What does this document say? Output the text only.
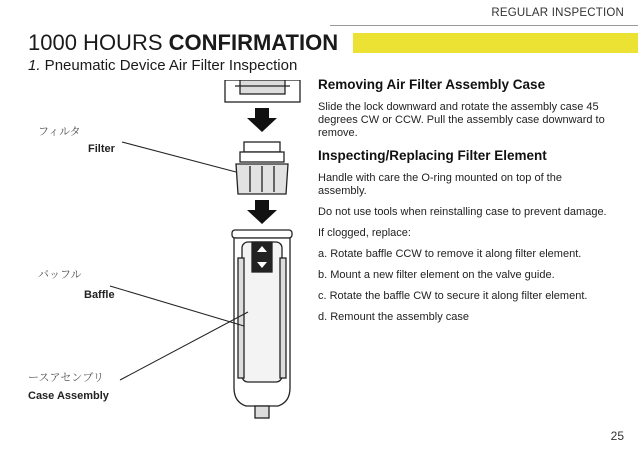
REGULAR INSPECTION
1000 HOURS CONFIRMATION
1. Pneumatic Device Air Filter Inspection
フィルタ
Filter
バッフル
Baffle
ースアセンブリ
Case Assembly
Removing Air Filter Assembly Case

Slide the lock downward and rotate the assembly case 45 degrees CW or CCW. Pull the assembly case downward to remove.

Inspecting/Replacing Filter Element

Handle with care the O-ring mounted on top of the assembly.

Do not use tools when reinstalling case to prevent damage.

If clogged, replace:

a. Rotate baffle CCW to remove it along filter element.

b. Mount a new filter element on the valve guide.

c. Rotate the baffle CW to secure it along filter element.

d. Remount the assembly case

25
